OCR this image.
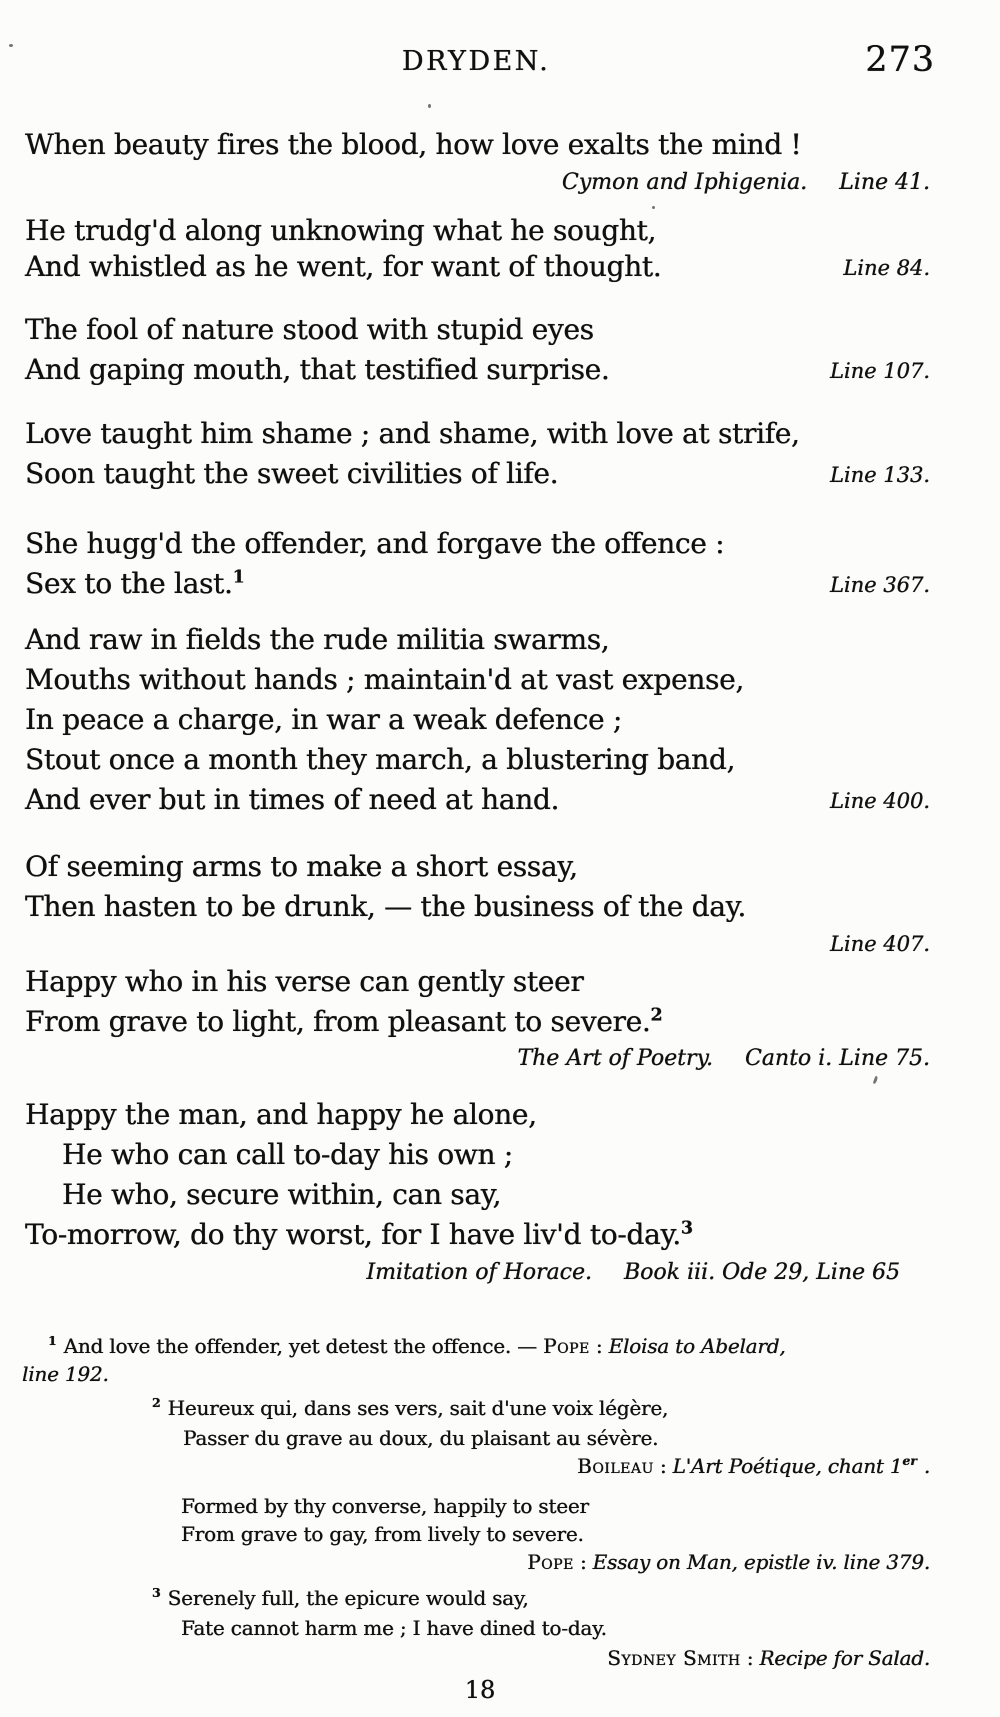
DRYDEN.	273
When beauty fires the blood, how love exalts the mind !
Cymon and Iphigenia. Line 41.
He trudg'd along unknowing what he sought,
And whistled as he went, for want of thought.	Line 84.
The fool of nature stood with stupid eyes
And gaping mouth, that testified surprise.	Line 107.
Love taught him shame ; and shame, with love at strife,
Soon taught the sweet civilities of life.	Line 133.
She hugg'd the offender, and forgave the offence :
Sex to the last.$^1$	Line 367.
And raw in fields the rude militia swarms,
Mouths without hands ; maintain'd at vast expense,
In peace a charge, in war a weak defence ;
Stout once a month they march, a blustering band,
And ever but in times of need at hand.	Line 400.
Of seeming arms to make a short essay,
Then hasten to be drunk, — the business of the day.
Line 407.
Happy who in his verse can gently steer
From grave to light, from pleasant to severe.$^2$
The Art of Poetry. Canto i. Line 75.
Happy the man, and happy he alone,
He who can call to-day his own ;
He who, secure within, can say,
To-morrow, do thy worst, for I have liv'd to-day.$^3$
Imitation of Horace. Book iii. Ode 29, Line 65
$^1$ And love the offender, yet detest the offence. — Pope : Eloisa to Abelard,
line 192.
$^2$ Heureux qui, dans ses vers, sait d'une voix légère,
Passer du grave au doux, du plaisant au sévère.
Boileau : L'Art Poétique, chant 1er .
Formed by thy converse, happily to steer
From grave to gay, from lively to severe.
Pope : Essay on Man, epistle iv. line 379.
$^3$ Serenely full, the epicure would say,
Fate cannot harm me ; I have dined to-day.
Sydney Smith : Recipe for Salad.
18
